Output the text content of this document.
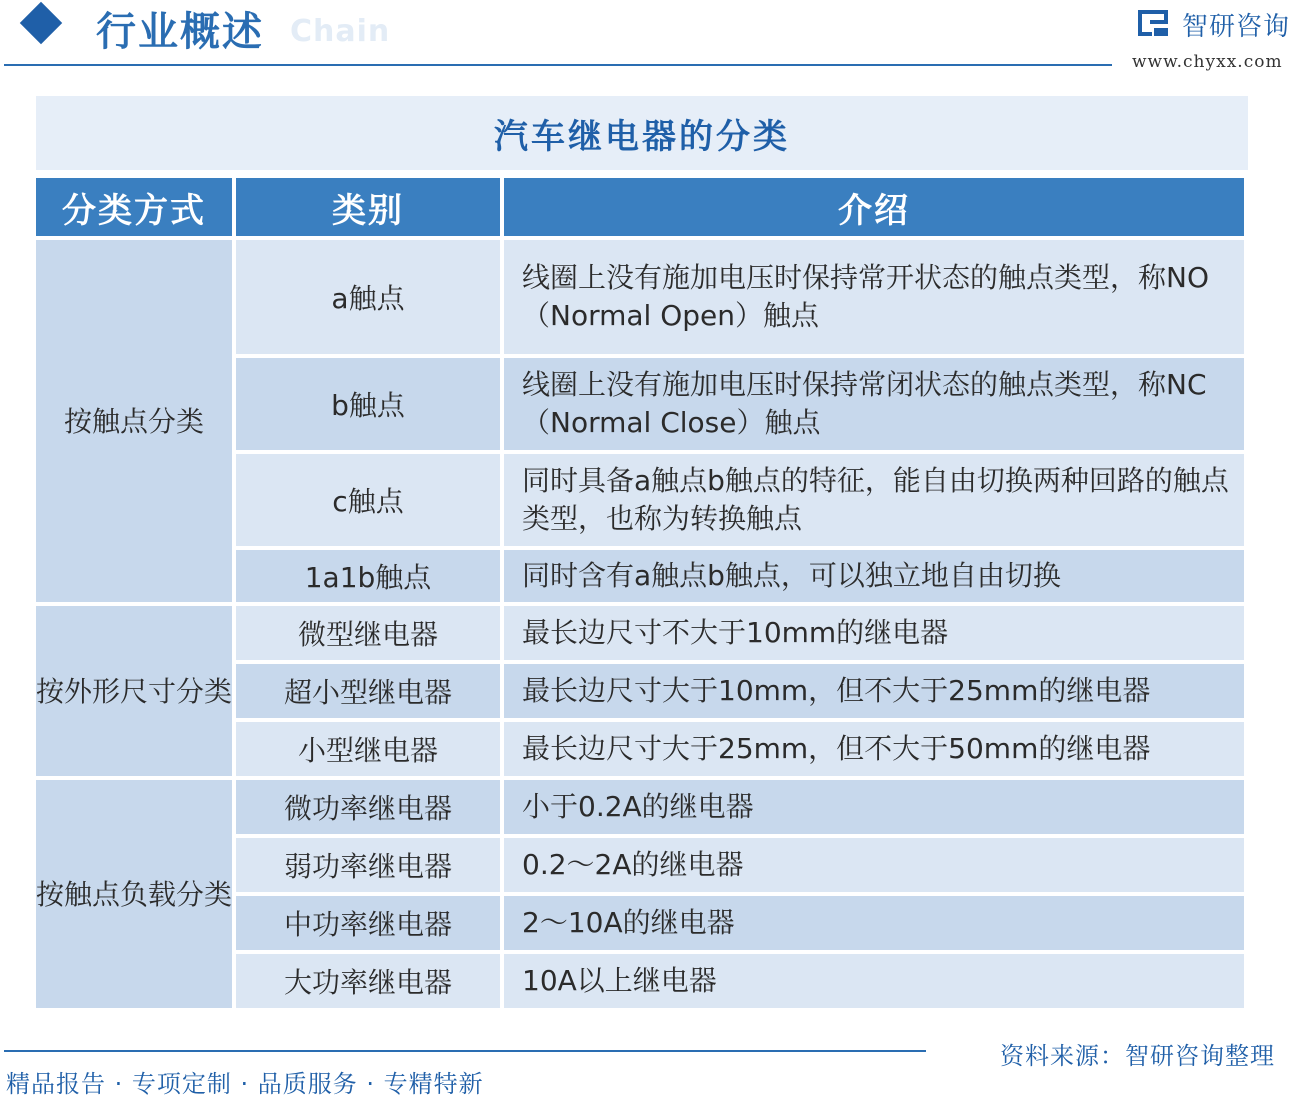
Chain
行业概述	智研咨询
www.chyxx.com
汽车继电器的分类
分类方式	类别	介绍
按触点分类	a触点	线圈上没有施加电压时保持常开状态的触点类型，称NO（Normal Open）触点
	b触点	线圈上没有施加电压时保持常闭状态的触点类型，称NC（Normal Close）触点
	c触点	同时具备a触点b触点的特征，能自由切换两种回路的触点类型，也称为转换触点
	1a1b触点	同时含有a触点b触点，可以独立地自由切换
按外形尺寸分类	微型继电器	最长边尺寸不大于10mm的继电器
	超小型继电器	最长边尺寸大于10mm，但不大于25mm的继电器
	小型继电器	最长边尺寸大于25mm，但不大于50mm的继电器
按触点负载分类	微功率继电器	小于0.2A的继电器
	弱功率继电器	0.2～2A的继电器
	中功率继电器	2～10A的继电器
	大功率继电器	10A以上继电器
精品报告 · 专项定制 · 品质服务 · 专精特新
资料来源：智研咨询整理
